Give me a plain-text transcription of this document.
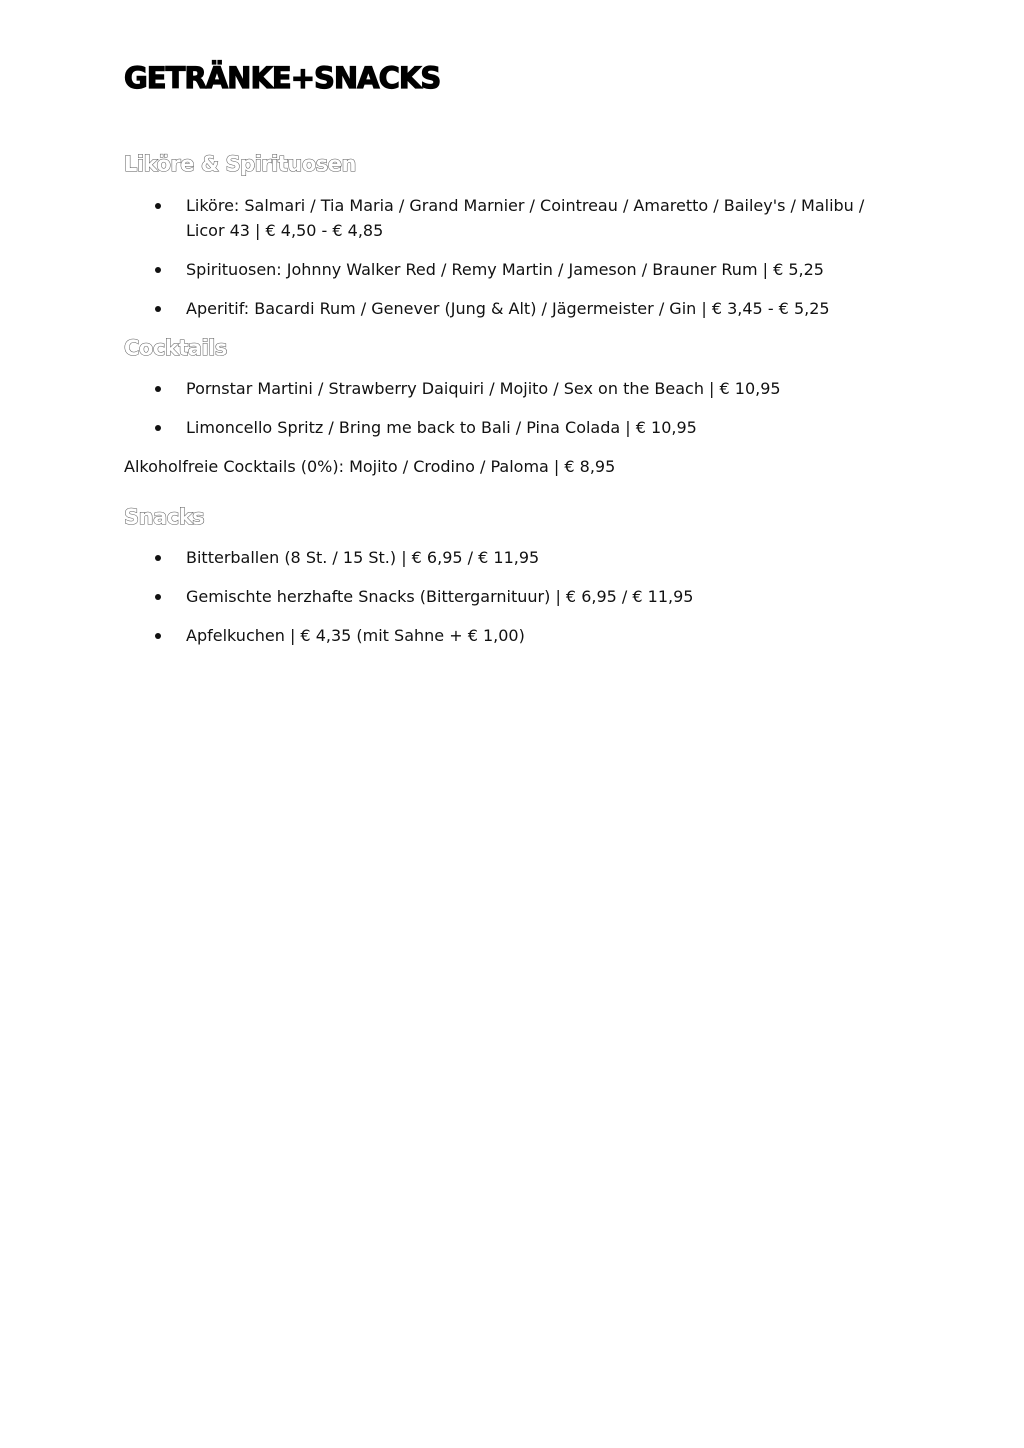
GETRÄNKE+SNACKS
Liköre & Spirituosen
Liköre: Salmari / Tia Maria / Grand Marnier / Cointreau / Amaretto / Bailey's / Malibu / Licor 43 | € 4,50 - € 4,85
Spirituosen: Johnny Walker Red / Remy Martin / Jameson / Brauner Rum | € 5,25
Aperitif: Bacardi Rum / Genever (Jung & Alt) / Jägermeister / Gin | € 3,45 - € 5,25
Cocktails
Pornstar Martini / Strawberry Daiquiri / Mojito / Sex on the Beach | € 10,95
Limoncello Spritz / Bring me back to Bali / Pina Colada | € 10,95

Alkoholfreie Cocktails (0%): Mojito / Crodino / Paloma | € 8,95

Snacks
Bitterballen (8 St. / 15 St.) | € 6,95 / € 11,95
Gemischte herzhafte Snacks (Bittergarnituur) | € 6,95 / € 11,95
Apfelkuchen | € 4,35 (mit Sahne + € 1,00)
